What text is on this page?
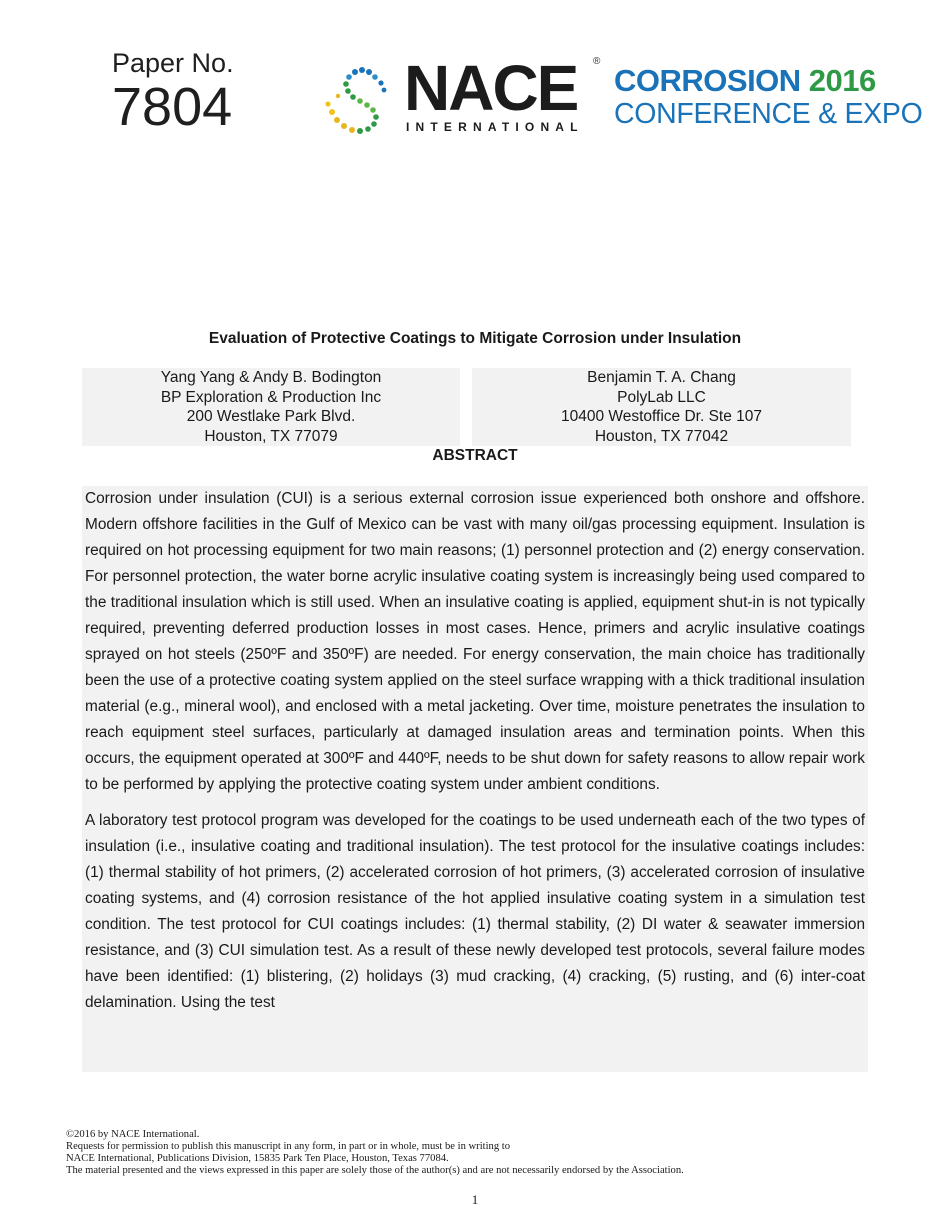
Paper No.
7804	NACE ®
INTERNATIONAL
CORROSION 2016
CONFERENCE & EXPO
Evaluation of Protective Coatings to Mitigate Corrosion under Insulation
Yang Yang & Andy B. Bodington
BP Exploration & Production Inc
200 Westlake Park Blvd.
Houston, TX 77079
Benjamin T. A. Chang
PolyLab LLC
10400 Westoffice Dr. Ste 107
Houston, TX 77042
ABSTRACT

Corrosion under insulation (CUI) is a serious external corrosion issue experienced both onshore and offshore. Modern offshore facilities in the Gulf of Mexico can be vast with many oil/gas processing equipment. Insulation is required on hot processing equipment for two main reasons; (1) personnel protection and (2) energy conservation. For personnel protection, the water borne acrylic insulative coating system is increasingly being used compared to the traditional insulation which is still used. When an insulative coating is applied, equipment shut-in is not typically required, preventing deferred production losses in most cases. Hence, primers and acrylic insulative coatings sprayed on hot steels (250ºF and 350ºF) are needed. For energy conservation, the main choice has traditionally been the use of a protective coating system applied on the steel surface wrapping with a thick traditional insulation material (e.g., mineral wool), and enclosed with a metal jacketing. Over time, moisture penetrates the insulation to reach equipment steel surfaces, particularly at damaged insulation areas and termination points. When this occurs, the equipment operated at 300ºF and 440ºF, needs to be shut down for safety reasons to allow repair work to be performed by applying the protective coating system under ambient conditions.

A laboratory test protocol program was developed for the coatings to be used underneath each of the two types of insulation (i.e., insulative coating and traditional insulation). The test protocol for the insulative coatings includes: (1) thermal stability of hot primers, (2) accelerated corrosion of hot primers, (3) accelerated corrosion of insulative coating systems, and (4) corrosion resistance of the hot applied insulative coating system in a simulation test condition. The test protocol for CUI coatings includes: (1) thermal stability, (2) DI water & seawater immersion resistance, and (3) CUI simulation test. As a result of these newly developed test protocols, several failure modes have been identified: (1) blistering, (2) holidays (3) mud cracking, (4) cracking, (5) rusting, and (6) inter-coat delamination. Using the test

©2016 by NACE International.
Requests for permission to publish this manuscript in any form, in part or in whole, must be in writing to
NACE International, Publications Division, 15835 Park Ten Place, Houston, Texas 77084.
The material presented and the views expressed in this paper are solely those of the author(s) and are not necessarily endorsed by the Association.
1
